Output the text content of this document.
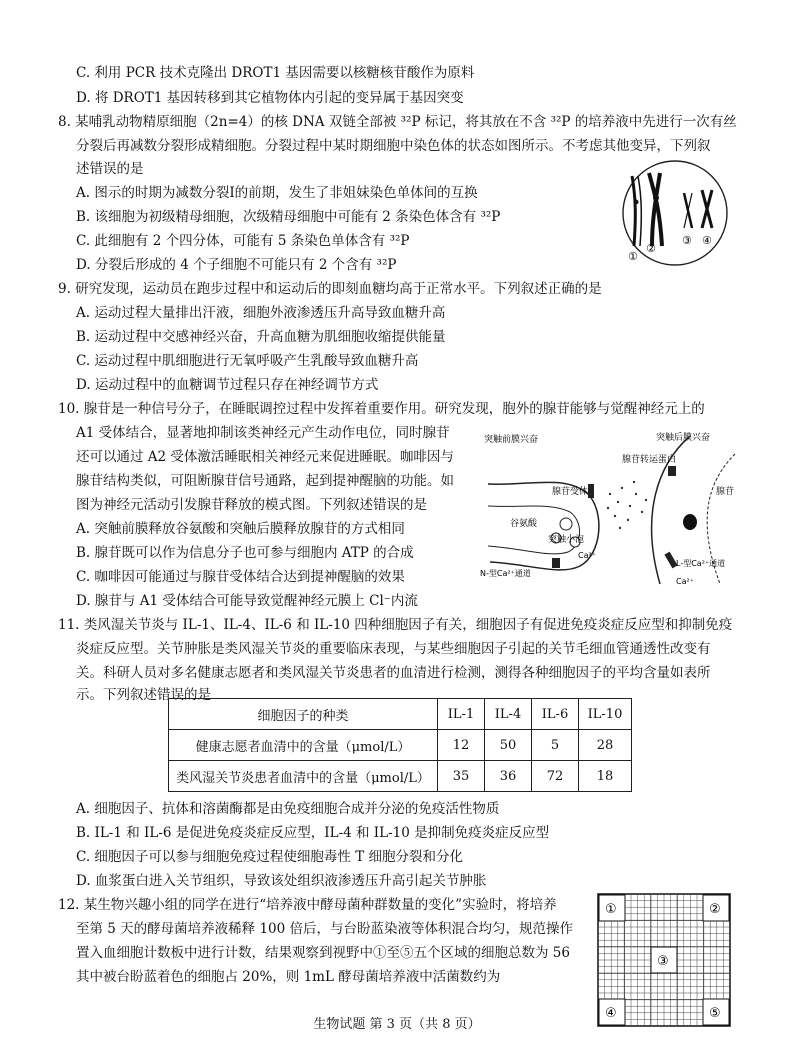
C. 利用 PCR 技术克隆出 DROT1 基因需要以核糖核苷酸作为原料
D. 将 DROT1 基因转移到其它植物体内引起的变异属于基因突变
8. 某哺乳动物精原细胞（2n=4）的核 DNA 双链全部被 ³²P 标记，将其放在不含 ³²P 的培养液中先进行一次有丝
分裂后再减数分裂形成精细胞。分裂过程中某时期细胞中染色体的状态如图所示。不考虑其他变异，下列叙
述错误的是
A. 图示的时期为减数分裂Ⅰ的前期，发生了非姐妹染色单体间的互换
B. 该细胞为初级精母细胞，次级精母细胞中可能有 2 条染色体含有 ³²P
C. 此细胞有 2 个四分体，可能有 5 条染色单体含有 ³²P
D. 分裂后形成的 4 个子细胞不可能只有 2 个含有 ³²P
①
②
③ ④
9. 研究发现，运动员在跑步过程中和运动后的即刻血糖均高于正常水平。下列叙述正确的是
A. 运动过程大量排出汗液，细胞外液渗透压升高导致血糖升高
B. 运动过程中交感神经兴奋，升高血糖为肌细胞收缩提供能量
C. 运动过程中肌细胞进行无氧呼吸产生乳酸导致血糖升高
D. 运动过程中的血糖调节过程只存在神经调节方式
10. 腺苷是一种信号分子，在睡眠调控过程中发挥着重要作用。研究发现，胞外的腺苷能够与觉醒神经元上的
A1 受体结合，显著地抑制该类神经元产生动作电位，同时腺苷
还可以通过 A2 受体激活睡眠相关神经元来促进睡眠。咖啡因与
腺苷结构类似，可阻断腺苷信号通路，起到提神醒脑的功能。如
图为神经元活动引发腺苷释放的模式图。下列叙述错误的是
A. 突触前膜释放谷氨酸和突触后膜释放腺苷的方式相同
B. 腺苷既可以作为信息分子也可参与细胞内 ATP 的合成
C. 咖啡因可能通过与腺苷受体结合达到提神醒脑的效果
D. 腺苷与 A1 受体结合可能导致觉醒神经元膜上 Cl⁻内流
突触前膜兴奋	突触后膜兴奋
腺苷转运蛋白
腺苷
腺苷受体
谷氨酸
突触小泡
N-型Ca²⁺通道
Ca²⁺
L-型Ca²⁺通道
Ca²⁺
11. 类风湿关节炎与 IL-1、IL-4、IL-6 和 IL-10 四种细胞因子有关，细胞因子有促进免疫炎症反应型和抑制免疫
炎症反应型。关节肿胀是类风湿关节炎的重要临床表现，与某些细胞因子引起的关节毛细血管通透性改变有
关。科研人员对多名健康志愿者和类风湿关节炎患者的血清进行检测，测得各种细胞因子的平均含量如表所
示。下列叙述错误的是
细胞因子的种类	IL-1	IL-4	IL-6	IL-10
健康志愿者血清中的含量（μmol/L）	12	50	5	28
类风湿关节炎患者血清中的含量（μmol/L）	35	36	72	18
A. 细胞因子、抗体和溶菌酶都是由免疫细胞合成并分泌的免疫活性物质
B. IL-1 和 IL-6 是促进免疫炎症反应型，IL-4 和 IL-10 是抑制免疫炎症反应型
C. 细胞因子可以参与细胞免疫过程使细胞毒性 T 细胞分裂和分化
D. 血浆蛋白进入关节组织，导致该处组织液渗透压升高引起关节肿胀
12. 某生物兴趣小组的同学在进行“培养液中酵母菌种群数量的变化”实验时，将培养
至第 5 天的酵母菌培养液稀释 100 倍后，与台盼蓝染液等体积混合均匀，规范操作
置入血细胞计数板中进行计数，结果观察到视野中①至⑤五个区域的细胞总数为 56
其中被台盼蓝着色的细胞占 20%，则 1mL 酵母菌培养液中活菌数约为
①	②
③
④	⑤
生物试题 第 3 页（共 8 页）
